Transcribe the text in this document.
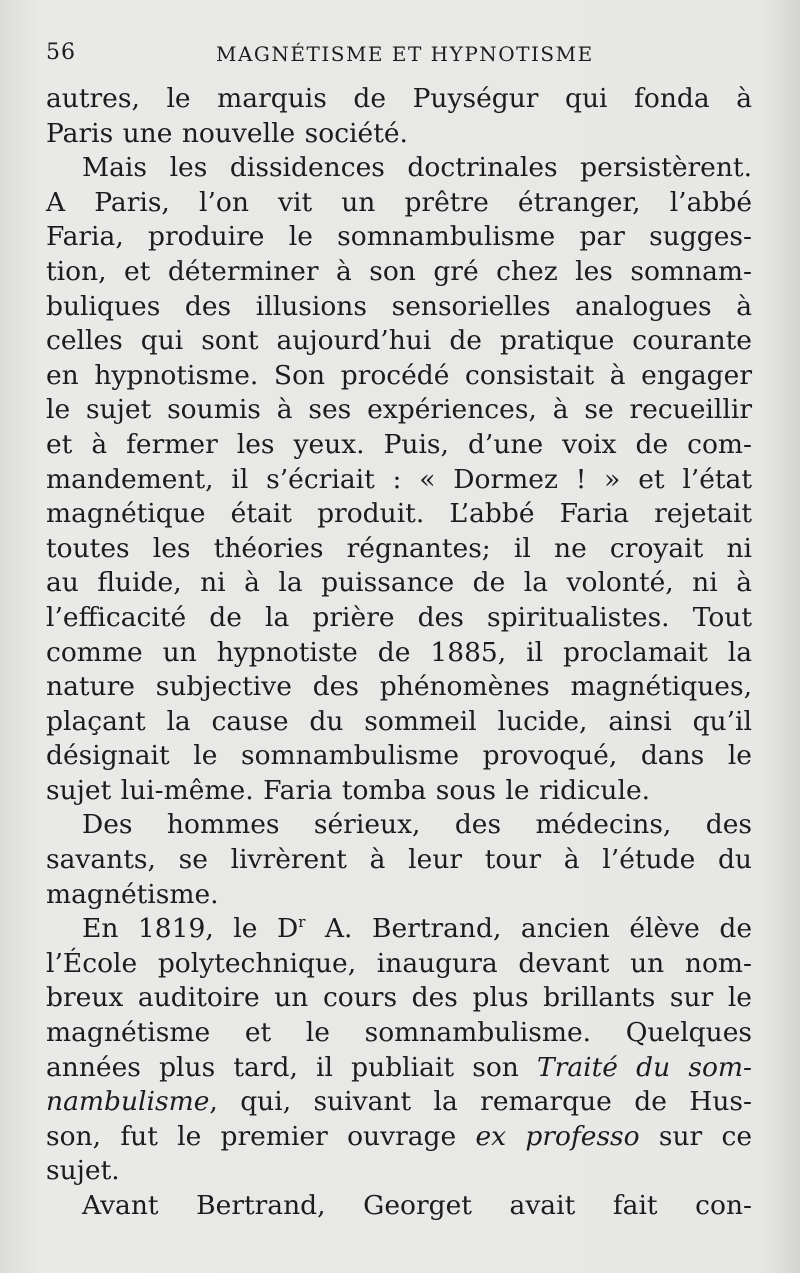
56	MAGNÉTISME ET HYPNOTISME
autres, le marquis de Puységur qui fonda à
Paris une nouvelle société.
Mais les dissidences doctrinales persistèrent.
A Paris, l’on vit un prêtre étranger, l’abbé
Faria, produire le somnambulisme par sugges-
tion, et déterminer à son gré chez les somnam-
buliques des illusions sensorielles analogues à
celles qui sont aujourd’hui de pratique courante
en hypnotisme. Son procédé consistait à engager
le sujet soumis à ses expériences, à se recueillir
et à fermer les yeux. Puis, d’une voix de com-
mandement, il s’écriait : « Dormez ! » et l’état
magnétique était produit. L’abbé Faria rejetait
toutes les théories régnantes; il ne croyait ni
au fluide, ni à la puissance de la volonté, ni à
l’efficacité de la prière des spiritualistes. Tout
comme un hypnotiste de 1885, il proclamait la
nature subjective des phénomènes magnétiques,
plaçant la cause du sommeil lucide, ainsi qu’il
désignait le somnambulisme provoqué, dans le
sujet lui-même. Faria tomba sous le ridicule.
Des hommes sérieux, des médecins, des
savants, se livrèrent à leur tour à l’étude du
magnétisme.
En 1819, le $D^r$ A. Bertrand, ancien élève de
l’École polytechnique, inaugura devant un nom-
breux auditoire un cours des plus brillants sur le
magnétisme et le somnambulisme. Quelques
années plus tard, il publiait son Traité du som-
nambulisme, qui, suivant la remarque de Hus-
son, fut le premier ouvrage ex professo sur ce
sujet.
Avant Bertrand, Georget avait fait con-
